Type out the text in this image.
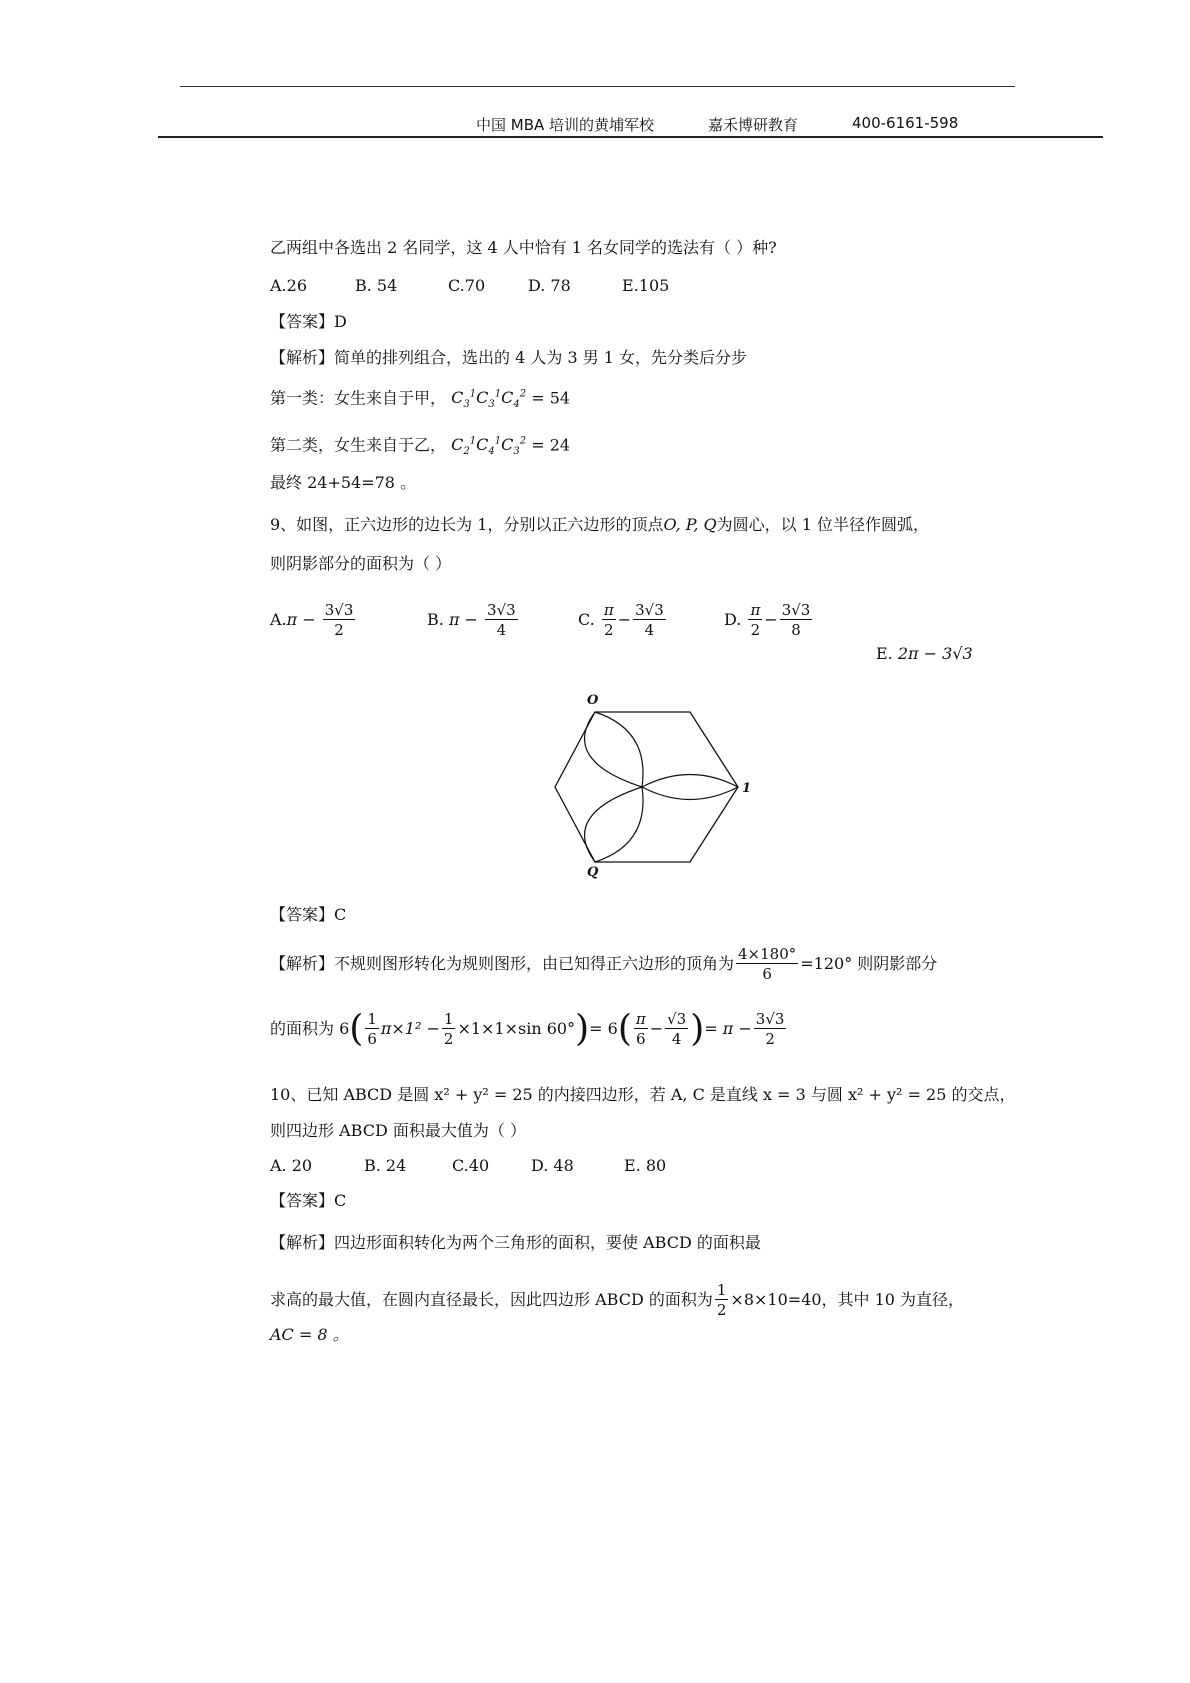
中国 MBA 培训的黄埔军校	嘉禾博研教育	400-6161-598
乙两组中各选出 2 名同学，这 4 人中恰有 1 名女同学的选法有（ ）种?
A.26	B. 54	C.70	D. 78	E.105
【答案】D
【解析】简单的排列组合，选出的 4 人为 3 男 1 女，先分类后分步
第一类：女生来自于甲， $C_3^1C_3^1C_4^2 = 54$
第二类，女生来自于乙， $C_2^1C_4^1C_3^2 = 24$
最终 24+54=78 。
9、如图，正六边形的边长为 1，分别以正六边形的顶点O, P, Q为圆心，以 1 位半径作圆弧，
则阴影部分的面积为（ ）
$A.\pi - \frac{3√3}{2}$	B. $\pi - \frac{3√3}{4}$	C. $\frac{\pi}{2} - \frac{3√3}{4}$	D. $\frac{\pi}{2} - \frac{3√3}{8}$
E. 2π − 3√3
O
1
Q
【答案】C
【解析】不规则图形转化为规则图形，由已知得正六边形的顶角为 $\frac{4\times 180^\circ}{6} =120^\circ$ 则阴影部分
的面积为 $6( \frac{1}{6} \pi\times 1^2 - \frac{1}{2} \times 1\times 1\times\sin$ $60^\circ)= 6( \frac{\pi}{6} - \frac{√3}{4}$ )= $\pi - \frac{3√3}{2}$
10、已知 ABCD 是圆 x² + y² = 25 的内接四边形，若 A, C 是直线 x = 3 与圆 x² + y² = 25 的交点，
则四边形 ABCD 面积最大值为（ ）
A. 20	B. 24	C.40	D. 48	E. 80
【答案】C
【解析】四边形面积转化为两个三角形的面积，要使 ABCD 的面积最
求高的最大值，在圆内直径最长，因此四边形 ABCD 的面积为 $\frac{1}{2} \times 8\times 10=40$，其中 10 为直径，
AC = 8 。
